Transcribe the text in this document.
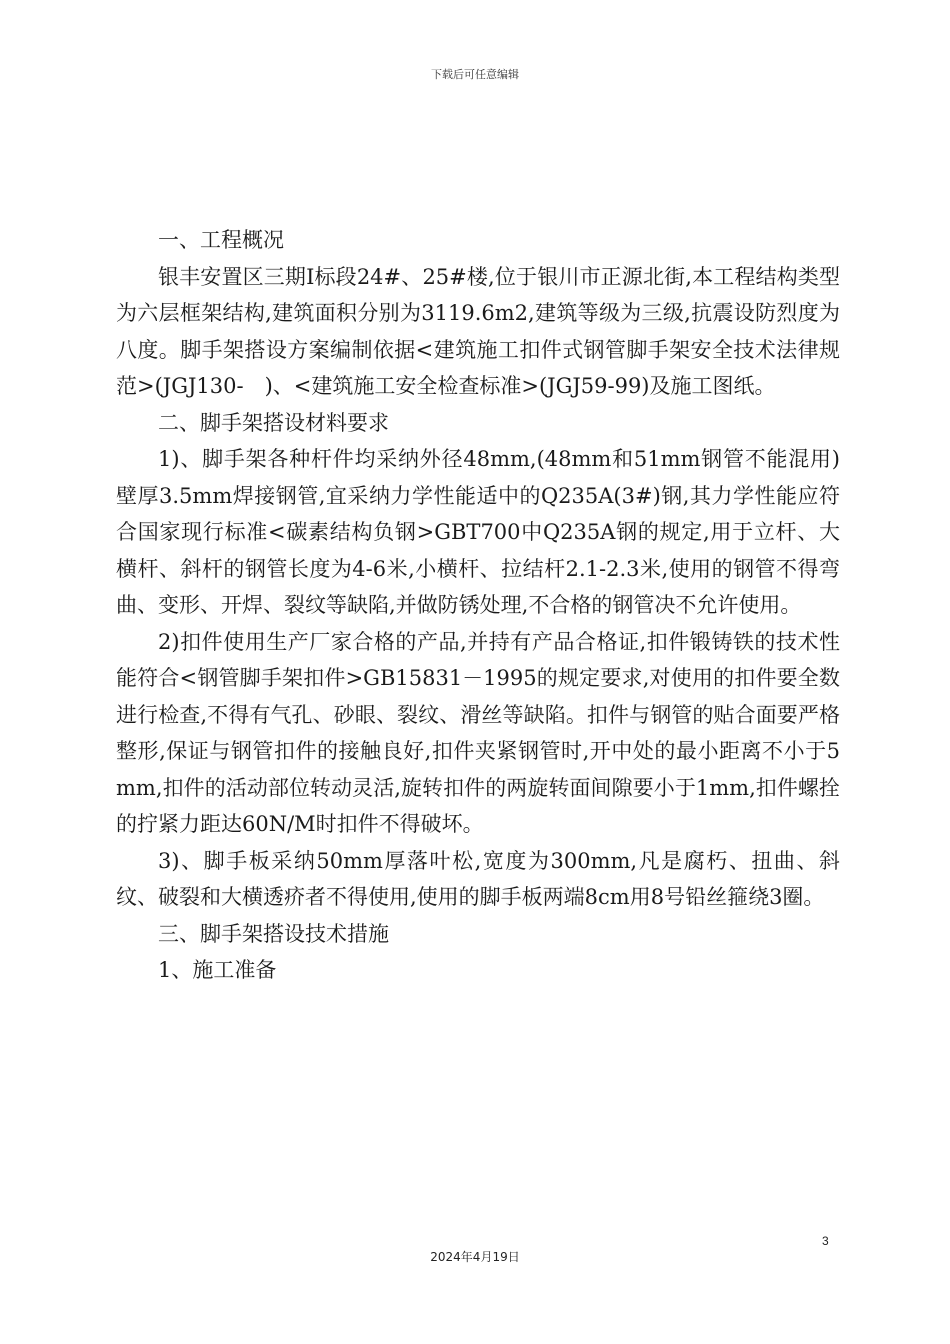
下载后可任意编辑

一、工程概况

银丰安置区三期Ⅰ标段24#、25#楼,位于银川市正源北街,本工程结构类型为六层框架结构,建筑面积分别为3119.6m2,建筑等级为三级,抗震设防烈度为八度。脚手架搭设方案编制依据<建筑施工扣件式钢管脚手架安全技术法律规范>(JGJ130-　)、<建筑施工安全检查标准>(JGJ59-99)及施工图纸。

二、脚手架搭设材料要求

1)、脚手架各种杆件均采纳外径48mm,(48mm和51mm钢管不能混用)壁厚3.5mm焊接钢管,宜采纳力学性能适中的Q235A(3#)钢,其力学性能应符合国家现行标准<碳素结构负钢>GBT700中Q235A钢的规定,用于立杆、大横杆、斜杆的钢管长度为4-6米,小横杆、拉结杆2.1-2.3米,使用的钢管不得弯曲、变形、开焊、裂纹等缺陷,并做防锈处理,不合格的钢管决不允许使用。

2)扣件使用生产厂家合格的产品,并持有产品合格证,扣件锻铸铁的技术性能符合<钢管脚手架扣件>GB15831－1995的规定要求,对使用的扣件要全数进行检查,不得有气孔、砂眼、裂纹、滑丝等缺陷。扣件与钢管的贴合面要严格整形,保证与钢管扣件的接触良好,扣件夹紧钢管时,开中处的最小距离不小于5mm,扣件的活动部位转动灵活,旋转扣件的两旋转面间隙要小于1mm,扣件螺拴的拧紧力距达60N/M时扣件不得破坏。

3)、脚手板采纳50mm厚落叶松,宽度为300mm,凡是腐朽、扭曲、斜纹、破裂和大横透疥者不得使用,使用的脚手板两端8cm用8号铅丝箍绕3圈。

三、脚手架搭设技术措施

1、施工准备

3
2024年4月19日
